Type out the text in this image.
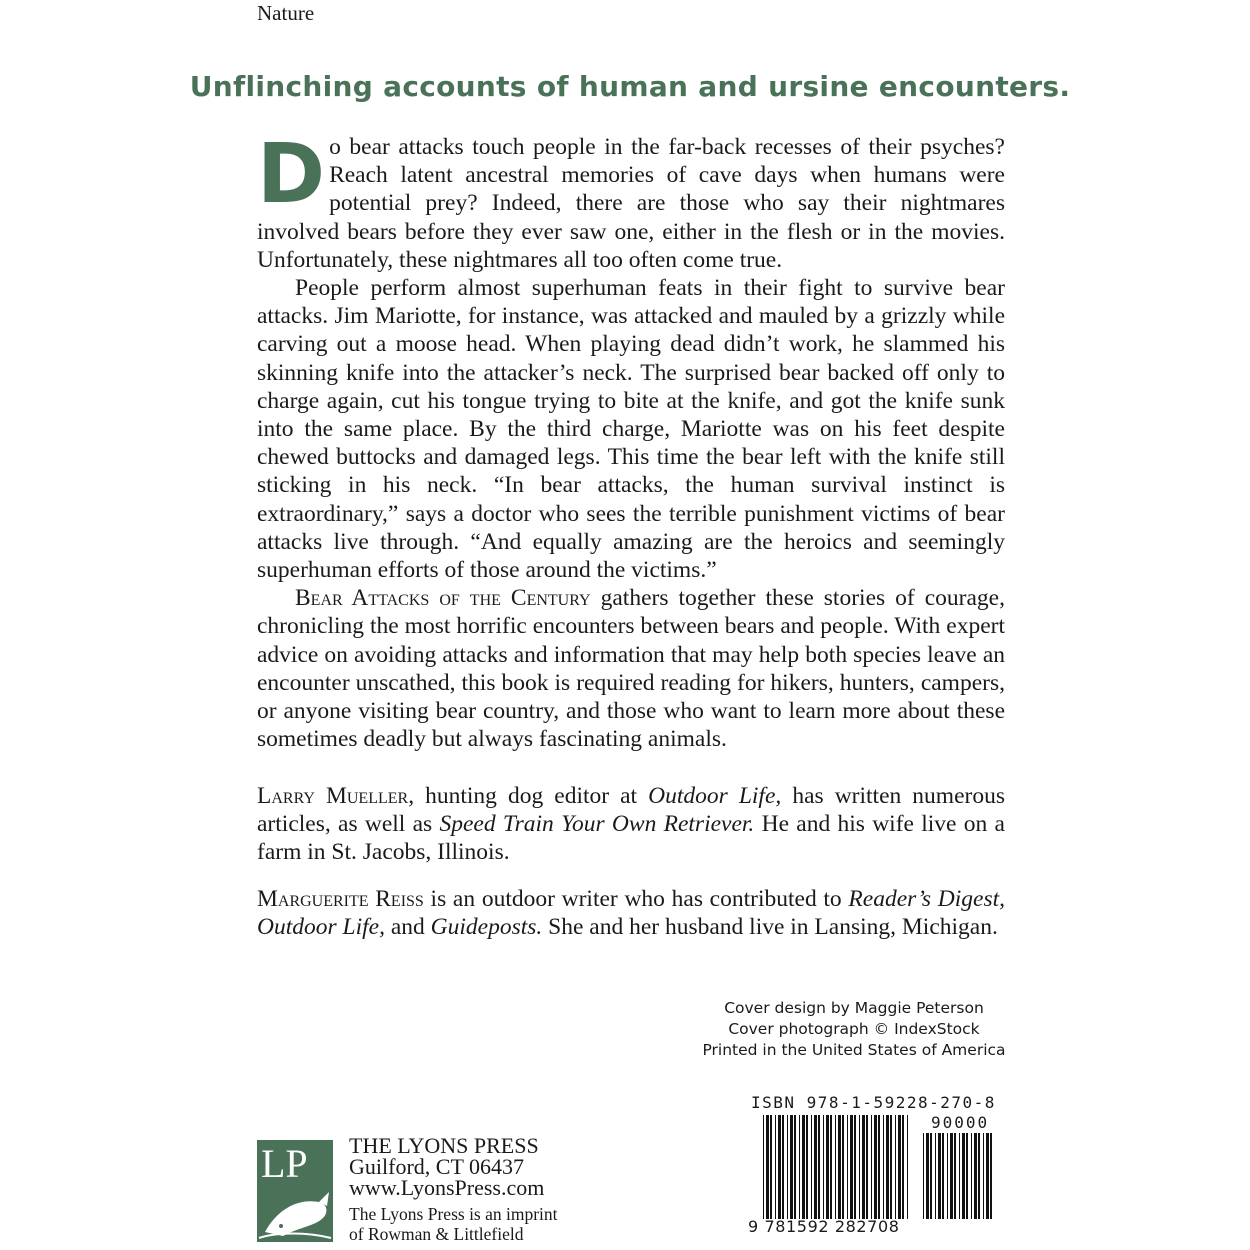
Nature
Unflinching accounts of human and ursine encounters.

Do bear attacks touch people in the far-back recesses of their psyches? Reach latent ancestral memories of cave days when humans were potential prey? Indeed, there are those who say their nightmares involved bears before they ever saw one, either in the flesh or in the movies. Unfortunately, these nightmares all too often come true.

People perform almost superhuman feats in their fight to survive bear attacks. Jim Mariotte, for instance, was attacked and mauled by a grizzly while carving out a moose head. When playing dead didn’t work, he slammed his skinning knife into the attacker’s neck. The surprised bear backed off only to charge again, cut his tongue trying to bite at the knife, and got the knife sunk into the same place. By the third charge, Mariotte was on his feet despite chewed buttocks and damaged legs. This time the bear left with the knife still sticking in his neck. “In bear attacks, the human survival instinct is extraordinary,” says a doctor who sees the terrible punishment victims of bear attacks live through. “And equally amazing are the heroics and seemingly superhuman efforts of those around the victims.”

Bear Attacks of the Century gathers together these stories of courage, chronicling the most horrific encounters between bears and people. With expert advice on avoiding attacks and information that may help both species leave an encounter unscathed, this book is required reading for hikers, hunters, campers, or anyone visiting bear country, and those who want to learn more about these sometimes deadly but always fascinating animals.

Larry Mueller, hunting dog editor at Outdoor Life, has written numerous articles, as well as Speed Train Your Own Retriever. He and his wife live on a farm in St. Jacobs, Illinois.

Marguerite Reiss is an outdoor writer who has contributed to Reader’s Digest, Outdoor Life, and Guideposts. She and her husband live in Lansing, Michigan.

Cover design by Maggie Peterson
Cover photograph © IndexStock
Printed in the United States of America
LP THE LYONS PRESS
Guilford, CT 06437
www.LyonsPress.com
The Lyons Press is an imprint
of Rowman & Littlefield
ISBN 978-1-59228-270-8
90000
9 781592 282708
